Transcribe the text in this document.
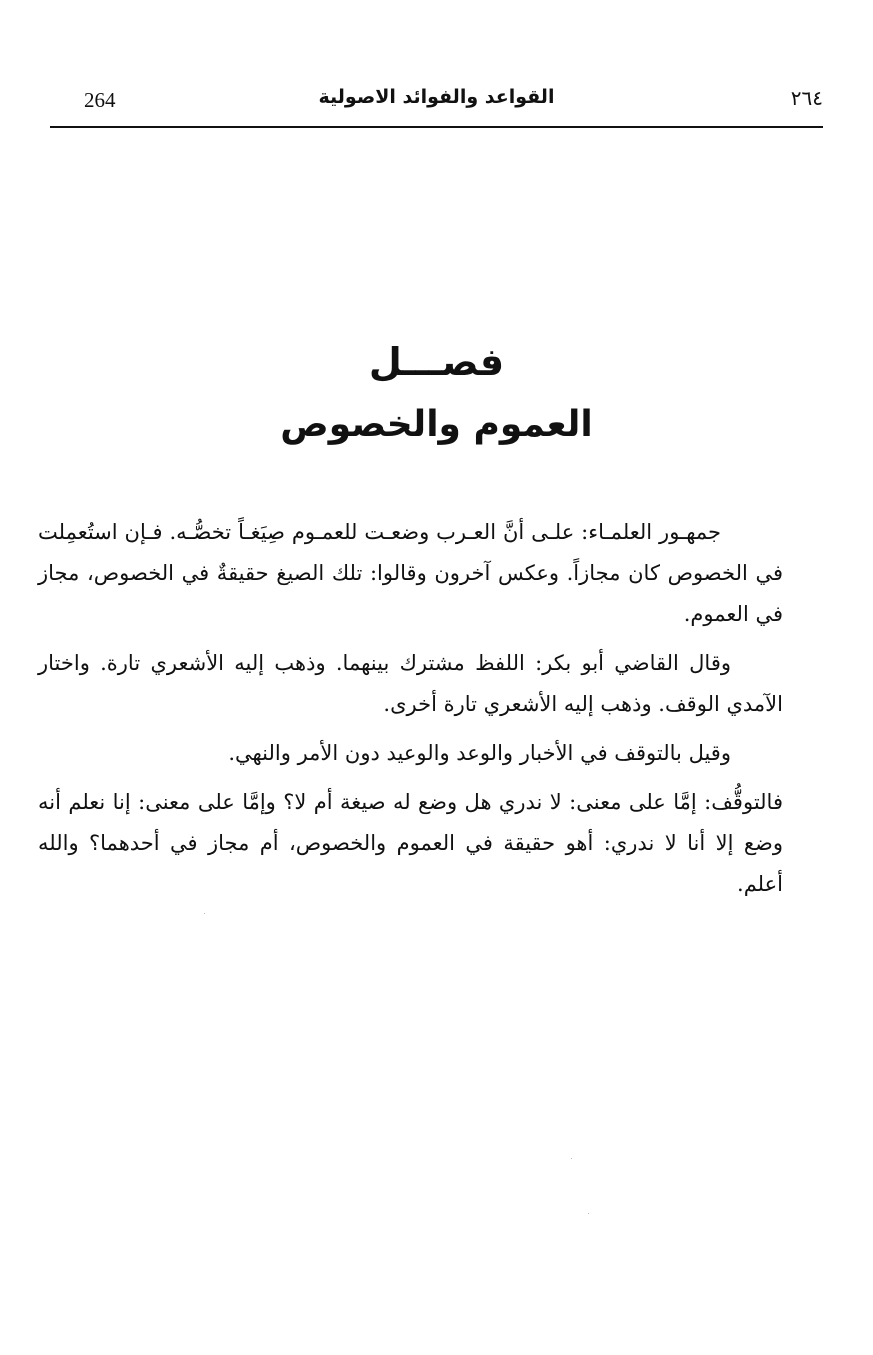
264	القواعد والفوائد الاصولية	٢٦٤
فصـــل
العموم والخصوص

جمهـور العلمـاء: علـى أنَّ العـرب وضعـت للعمـوم صِيَغـاً تخصُّـه. فـإن استُعمِلت في الخصوص كان مجازاً. وعكس آخرون وقالوا: تلك الصيغ حقيقةٌ في الخصوص، مجاز في العموم.

وقال القاضي أبو بكر: اللفظ مشترك بينهما. وذهب إليه الأشعري تارة. واختار الآمدي الوقف. وذهب إليه الأشعري تارة أخرى.

وقيل بالتوقف في الأخبار والوعد والوعيد دون الأمر والنهي.

فالتوقُّف: إمَّا على معنى: لا ندري هل وضع له صيغة أم لا؟ وإمَّا على معنى: إنا نعلم أنه وضع إلا أنا لا ندري: أهو حقيقة في العموم والخصوص، أم مجاز في أحدهما؟ والله أعلم.
